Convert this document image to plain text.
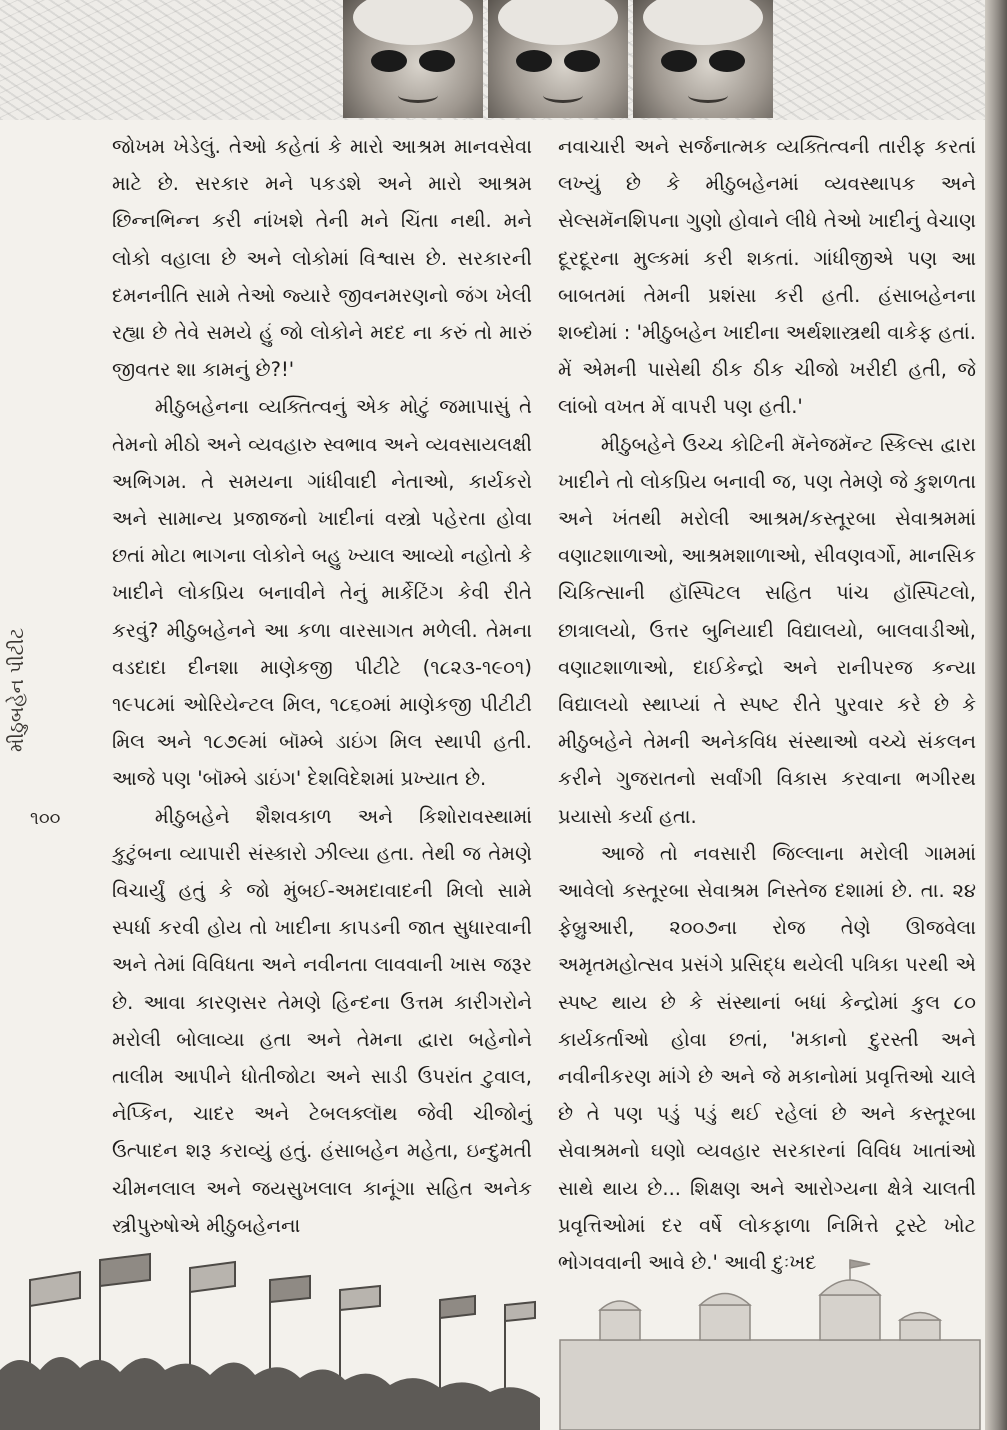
મીઠુબહેન પીટીટ
૧૦૦

જોખમ ખેડેલું. તેઓ કહેતાં કે મારો આશ્રમ માનવસેવા માટે છે. સરકાર મને પકડશે અને મારો આશ્રમ છિન્નભિન્ન કરી નાંખશે તેની મને ચિંતા નથી. મને લોકો વહાલા છે અને લોકોમાં વિશ્વાસ છે. સરકારની દમનનીતિ સામે તેઓ જ્યારે જીવનમરણનો જંગ ખેલી રહ્યા છે તેવે સમયે હું જો લોકોને મદદ ના કરું તો મારું જીવતર શા કામનું છે?!'

મીઠુબહેનના વ્યક્તિત્વનું એક મોટું જમાપાસું તે તેમનો મીઠો અને વ્યવહારુ સ્વભાવ અને વ્યવસાયલક્ષી અભિગમ. તે સમયના ગાંધીવાદી નેતાઓ, કાર્યકરો અને સામાન્ય પ્રજાજનો ખાદીનાં વસ્ત્રો પહેરતા હોવા છતાં મોટા ભાગના લોકોને બહુ ખ્યાલ આવ્યો નહોતો કે ખાદીને લોકપ્રિય બનાવીને તેનું માર્કેટિંગ કેવી રીતે કરવું? મીઠુબહેનને આ કળા વારસાગત મળેલી. તેમના વડદાદા દીનશા માણેકજી પીટીટે (૧૮૨૩-૧૯૦૧) ૧૯૫૮માં ઓરિયેન્ટલ મિલ, ૧૮૬૦માં માણેકજી પીટીટી મિલ અને ૧૮૭૯માં બૉમ્બે ડાઇંગ મિલ સ્થાપી હતી. આજે પણ 'બૉમ્બે ડાઇંગ' દેશવિદેશમાં પ્રખ્યાત છે.

મીઠુબહેને શૈશવકાળ અને કિશોરાવસ્થામાં કુટુંબના વ્યાપારી સંસ્કારો ઝીલ્યા હતા. તેથી જ તેમણે વિચાર્યું હતું કે જો મુંબઈ-અમદાવાદની મિલો સામે સ્પર્ધા કરવી હોય તો ખાદીના કાપડની જાત સુધારવાની અને તેમાં વિવિધતા અને નવીનતા લાવવાની ખાસ જરૂર છે. આવા કારણસર તેમણે હિન્દના ઉત્તમ કારીગરોને મરોલી બોલાવ્યા હતા અને તેમના દ્વારા બહેનોને તાલીમ આપીને ધોતીજોટા અને સાડી ઉપરાંત ટુવાલ, નેપ્કિન, ચાદર અને ટેબલક્લૉથ જેવી ચીજોનું ઉત્પાદન શરૂ કરાવ્યું હતું. હંસાબહેન મહેતા, ઇન્દુમતી ચીમનલાલ અને જયસુખલાલ કાનૂંગા સહિત અનેક સ્ત્રીપુરુષોએ મીઠુબહેનના

નવાચારી અને સર્જનાત્મક વ્યક્તિત્વની તારીફ કરતાં લખ્યું છે કે મીઠુબહેનમાં વ્યવસ્થાપક અને સેલ્સમૅનશિપના ગુણો હોવાને લીધે તેઓ ખાદીનું વેચાણ દૂરદૂરના મુલ્કમાં કરી શકતાં. ગાંધીજીએ પણ આ બાબતમાં તેમની પ્રશંસા કરી હતી. હંસાબહેનના શબ્દોમાં : 'મીઠુબહેન ખાદીના અર્થશાસ્ત્રથી વાકેફ હતાં. મેં એમની પાસેથી ઠીક ઠીક ચીજો ખરીદી હતી, જે લાંબો વખત મેં વાપરી પણ હતી.'

મીઠુબહેને ઉચ્ચ કોટિની મૅનેજમૅન્ટ સ્કિલ્સ દ્વારા ખાદીને તો લોકપ્રિય બનાવી જ, પણ તેમણે જે કુશળતા અને ખંતથી મરોલી આશ્રમ/કસ્તૂરબા સેવાશ્રમમાં વણાટશાળાઓ, આશ્રમશાળાઓ, સીવણવર્ગો, માનસિક ચિકિત્સાની હૉસ્પિટલ સહિત પાંચ હૉસ્પિટલો, છાત્રાલયો, ઉત્તર બુનિયાદી વિદ્યાલયો, બાલવાડીઓ, વણાટશાળાઓ, દાઈકેન્દ્રો અને રાનીપરજ કન્યા વિદ્યાલયો સ્થાપ્યાં તે સ્પષ્ટ રીતે પુરવાર કરે છે કે મીઠુબહેને તેમની અનેકવિધ સંસ્થાઓ વચ્ચે સંકલન કરીને ગુજરાતનો સર્વાંગી વિકાસ કરવાના ભગીરથ પ્રયાસો કર્યા હતા.

આજે તો નવસારી જિલ્લાના મરોલી ગામમાં આવેલો કસ્તૂરબા સેવાશ્રમ નિસ્તેજ દશામાં છે. તા. ૨૪ ફેબ્રુઆરી, ૨૦૦૭ના રોજ તેણે ઊજવેલા અમૃતમહોત્સવ પ્રસંગે પ્રસિદ્ધ થયેલી પત્રિકા પરથી એ સ્પષ્ટ થાય છે કે સંસ્થાનાં બધાં કેન્દ્રોમાં કુલ ૮૦ કાર્યકર્તાઓ હોવા છતાં, 'મકાનો દુરસ્તી અને નવીનીકરણ માંગે છે અને જે મકાનોમાં પ્રવૃત્તિઓ ચાલે છે તે પણ પડું પડું થઈ રહેલાં છે અને કસ્તૂરબા સેવાશ્રમનો ઘણો વ્યવહાર સરકારનાં વિવિધ ખાતાંઓ સાથે થાય છે... શિક્ષણ અને આરોગ્યના ક્ષેત્રે ચાલતી પ્રવૃત્તિઓમાં દર વર્ષે લોકફાળા નિમિત્તે ટ્રસ્ટે ખોટ ભોગવવાની આવે છે.' આવી દુઃખદ
